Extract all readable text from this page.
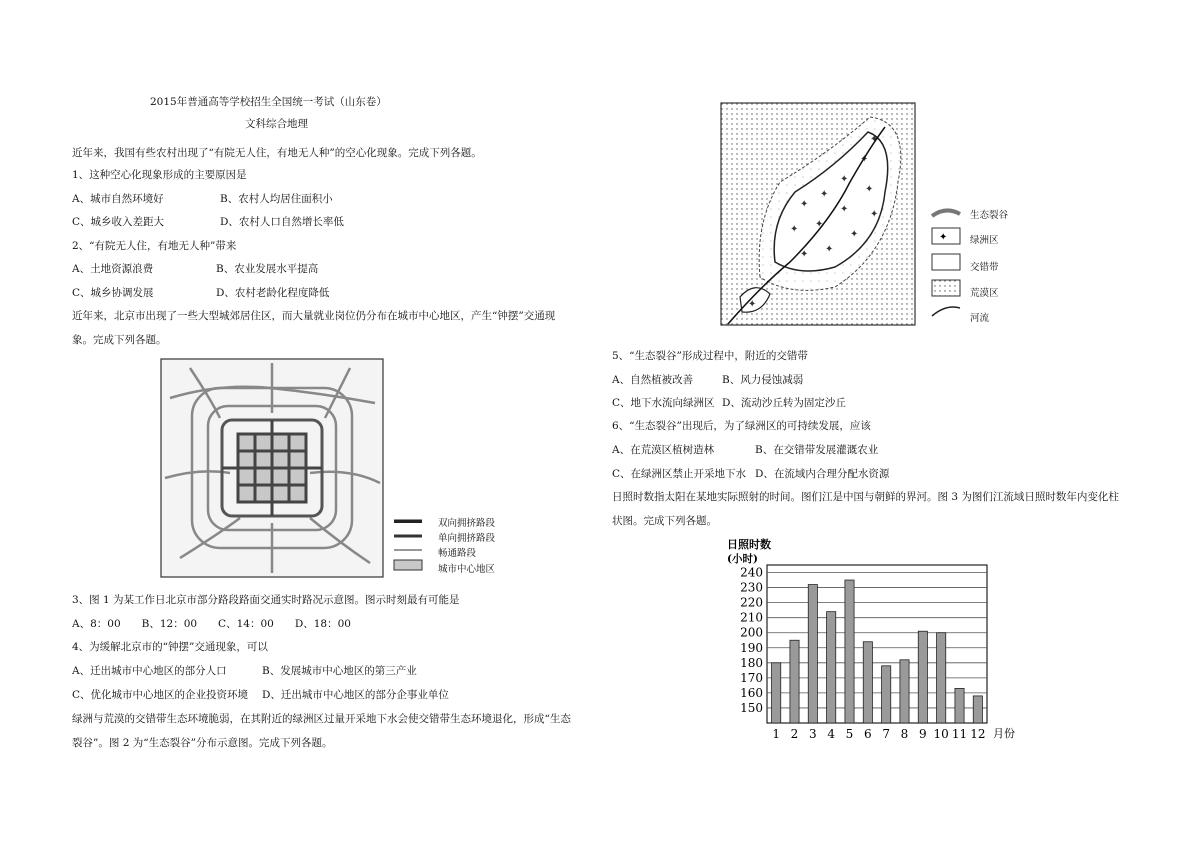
2015年普通高等学校招生全国统一考试（山东卷）
文科综合地理
近年来，我国有些农村出现了“有院无人住，有地无人种”的空心化现象。完成下列各题。
1、这种空心化现象形成的主要原因是
A、城市自然环境好	B、农村人均居住面积小
C、城乡收入差距大	D、农村人口自然增长率低
2、“有院无人住，有地无人种”带来
A、土地资源浪费	B、农业发展水平提高
C、城乡协调发展	D、农村老龄化程度降低
近年来，北京市出现了一些大型城郊居住区，而大量就业岗位仍分布在城市中心地区，产生“钟摆”交通现
象。完成下列各题。
双向拥挤路段
单向拥挤路段
畅通路段
城市中心地区
3、图 1 为某工作日北京市部分路段路面交通实时路况示意图。图示时刻最有可能是
A、8：00　　B、12：00　　C、14：00　　D、18：00
4、为缓解北京市的“钟摆”交通现象，可以
A、迁出城市中心地区的部分人口	B、发展城市中心地区的第三产业
C、优化城市中心地区的企业投资环境 D、迁出城市中心地区的部分企事业单位
绿洲与荒漠的交错带生态环境脆弱，在其附近的绿洲区过量开采地下水会使交错带生态环境退化，形成“生态
裂谷”。图 2 为“生态裂谷”分布示意图。完成下列各题。
✦
✦
✦
✦
✦
✦ ✦
✦
✦
✦ ✦
✦
✦
✦
✦
生态裂谷
绿洲区
交错带
荒漠区
河流
5、“生态裂谷”形成过程中，附近的交错带
A、自然植被改善	B、风力侵蚀减弱
C、地下水流向绿洲区 D、流动沙丘转为固定沙丘
6、“生态裂谷”出现后，为了绿洲区的可持续发展，应该
A、在荒漠区植树造林	B、在交错带发展灌溉农业
C、在绿洲区禁止开采地下水 D、在流域内合理分配水资源
日照时数指太阳在某地实际照射的时间。图们江是中国与朝鲜的界河。图 3 为图们江流域日照时数年内变化柱
状图。完成下列各题。
日照时数
(小时)
月份
150
160
170
180
190
200
210
220
230
240
1 2 3 4 5 6 7 8 9 10 11 12
